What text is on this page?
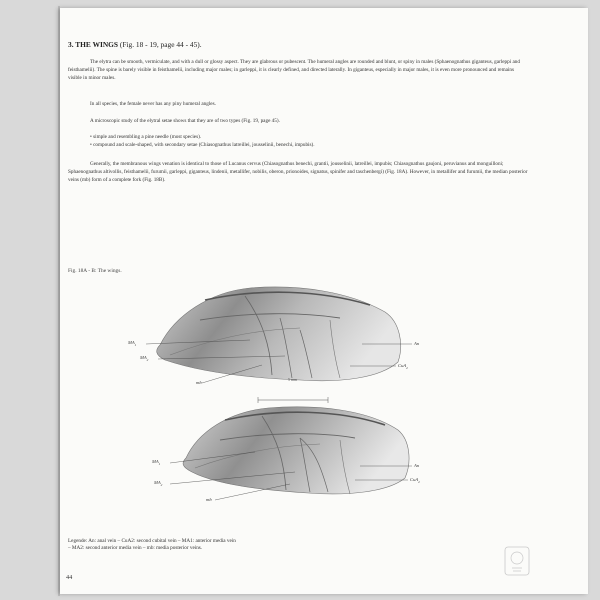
3. THE WINGS (Fig. 18 - 19, page 44 - 45).
The elytra can be smooth, vermiculate, and with a dull or glossy aspect. They are glabrous or pubescent. The humeral angles are rounded and blunt, or spiny in males (Sphaenognathus giganteus, garleppi and feisthamelii). The spine is barely visible in feisthamelii, including major males; in garleppi, it is clearly defined, and directed laterally. In giganteus, especially in major males, it is even more pronounced and remains visible in minor males.
In all species, the female never has any piny humeral angles.
A microscopic study of the elytral setae shows that they are of two types (Fig. 19, page 45).
• simple and resembling a pine needle (most species).
• compound and scale-shaped, with secondary setae (Chiasognathus latreillei, jousselinii, benechi, impubis).
Generally, the membranous wings venation is identical to those of Lucanus cervus (Chiasognathus benechi, grantii, jousselinii, latreillei, impubis; Chiasognathus gaujoni, peruvianus and monguilloni; Sphaenognathus altivollis, feisthamelii, furumii, garleppi, giganteus, lindenii, metallifer, nobilis, oberon, prionoides, signatus, spinifer and taschenbergi) (Fig. 18A). However, in metallifer and furumii, the median posterior veins (mb) form of a complete fork (Fig. 18B).
Fig. 18A - B: The wings.
5 mm
$MA_1$
$MA_2$
mb
An
CuA$_2$
$MA_1$
$MA_2$
mb
An
CuA$_2$
Legende: An: anal vein – CuA2: second cubital vein – MA1: anterior media vein
– MA2: second anterior media vein – mb: media posterior veins.
44
